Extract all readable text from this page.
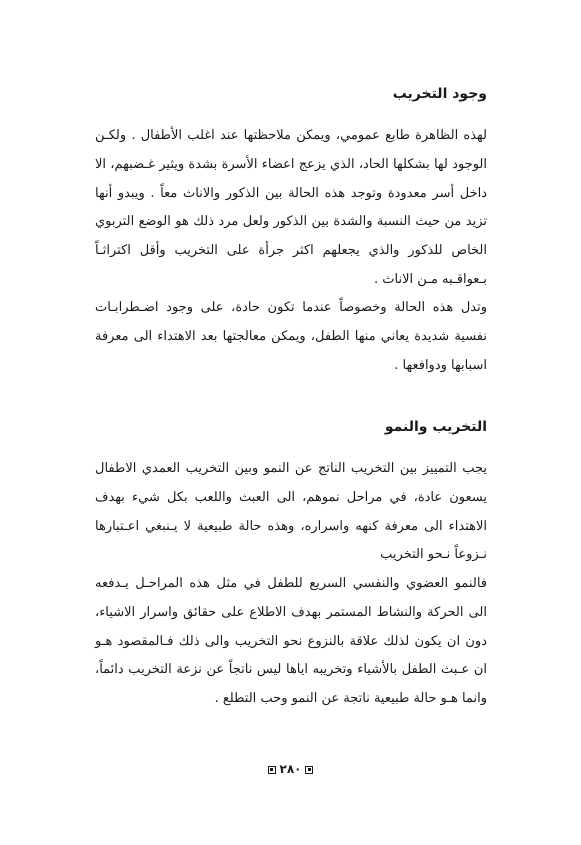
وجود التخريب

لهذه الظاهرة طابع عمومي، ويمكن ملاحظتها عند اغلب الأطفال . ولكـن الوجود لها بشكلها الحاد، الذي يزعج اعضاء الأسرة بشدة ويثير غـضبهم، الا داخل أسر معدودة وتوجد هذه الحالة بين الذكور والاناث معاً . ويبدو أنها تزيد من حيث النسبة والشدة بين الذكور ولعل مرد ذلك هو الوضع التربوي الخاص للذكور والذي يجعلهم اكثر جرأة على التخريب وأقل اكتراثـاً بـعواقـبه مـن الاناث .

وتدل هذه الحالة وخصوصاً عندما تكون حادة، على وجود اضـطرابـات نفسية شديدة يعاني منها الطفل، ويمكن معالجتها بعد الاهتداء الى معرفة اسبابها ودوافعها .

التخريب والنمو

يجب التمييز بين التخريب الناتج عن النمو وبين التخريب العمدي الاطفال يسعون عادة، في مراحل نموهم، الى العبث واللعب بكل شيء بهدف الاهتداء الى معرفة كنهه واسراره، وهذه حالة طبيعية لا يـنبغي اعـتبارها نـزوعاً نـحو التخريب

فالنمو العضوي والنفسي السريع للطفل في مثل هذه المراحـل يـدفعه الى الحركة والنشاط المستمر بهدف الاطلاع على حقائق واسرار الاشياء، دون ان يكون لذلك علاقة بالنزوع نحو التخريب والى ذلك فـالمقصود هـو ان عـبث الطفل بالأشياء وتخريبه اياها ليس ناتجاً عن نزعة التخريب دائماً، وانما هـو حالة طبيعية ناتجة عن النمو وحب التطلع .

٢٨٠
